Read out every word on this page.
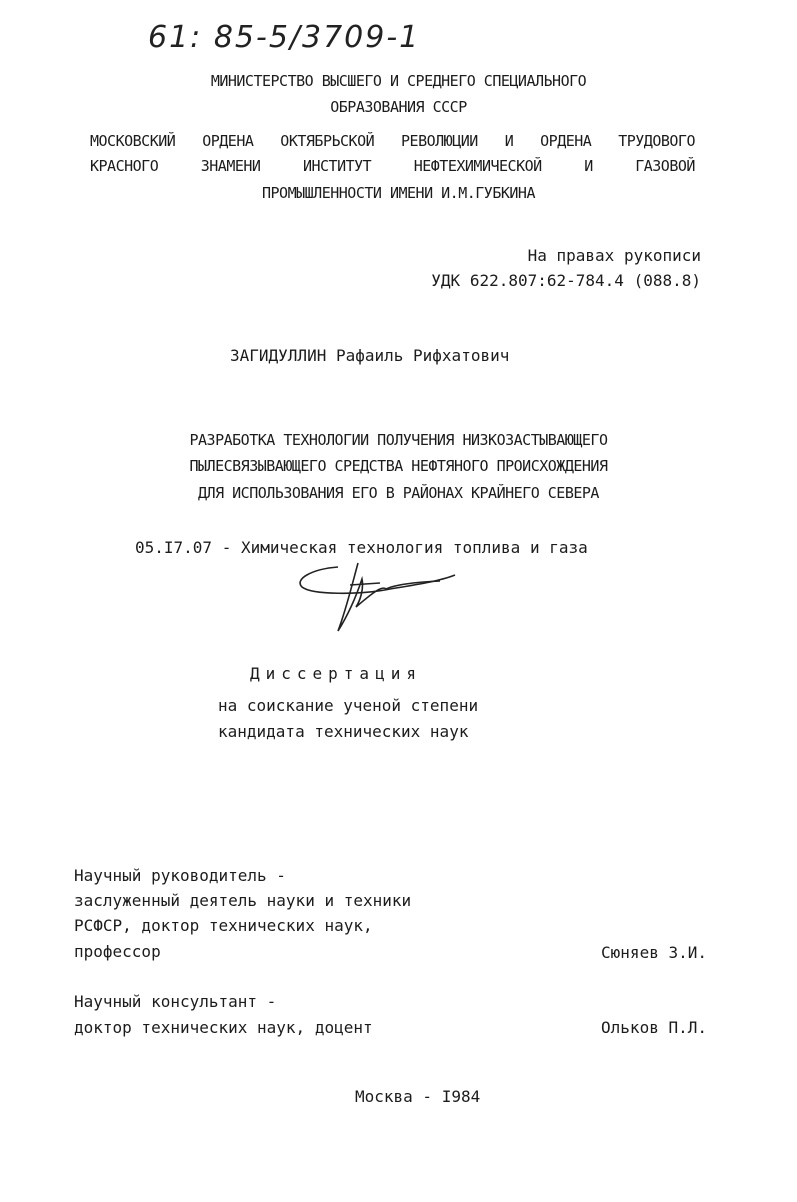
61: 85-5/3709-1
МИНИСТЕРСТВО ВЫСШЕГО И СРЕДНЕГО СПЕЦИАЛЬНОГО
ОБРАЗОВАНИЯ СССР
МОСКОВСКИЙ ОРДЕНА ОКТЯБРЬСКОЙ РЕВОЛЮЦИИ И ОРДЕНА ТРУДОВОГО
КРАСНОГО	ЗНАМЕНИ	ИНСТИТУТ	НЕФТЕХИМИЧЕСКОЙ	И	ГАЗОВОЙ
ПРОМЫШЛЕННОСТИ ИМЕНИ И.М.ГУБКИНА
На правах рукописи
УДК 622.807:62-784.4 (088.8)
ЗАГИДУЛЛИН Рафаиль Рифхатович
РАЗРАБОТКА ТЕХНОЛОГИИ ПОЛУЧЕНИЯ НИЗКОЗАСТЫВАЮЩЕГО
ПЫЛЕСВЯЗЫВАЮЩЕГО СРЕДСТВА НЕФТЯНОГО ПРОИСХОЖДЕНИЯ
ДЛЯ ИСПОЛЬЗОВАНИЯ ЕГО В РАЙОНАХ КРАЙНЕГО СЕВЕРА
05.I7.07 - Химическая технология топлива и газа
Диссертация
на соискание ученой степени
кандидата технических наук
Научный руководитель -
заслуженный деятель науки и техники
РСФСР, доктор технических наук,
профессор	Сюняев З.И.
Научный консультант -
доктор технических наук, доцент	Ольков П.Л.
Москва - I984
